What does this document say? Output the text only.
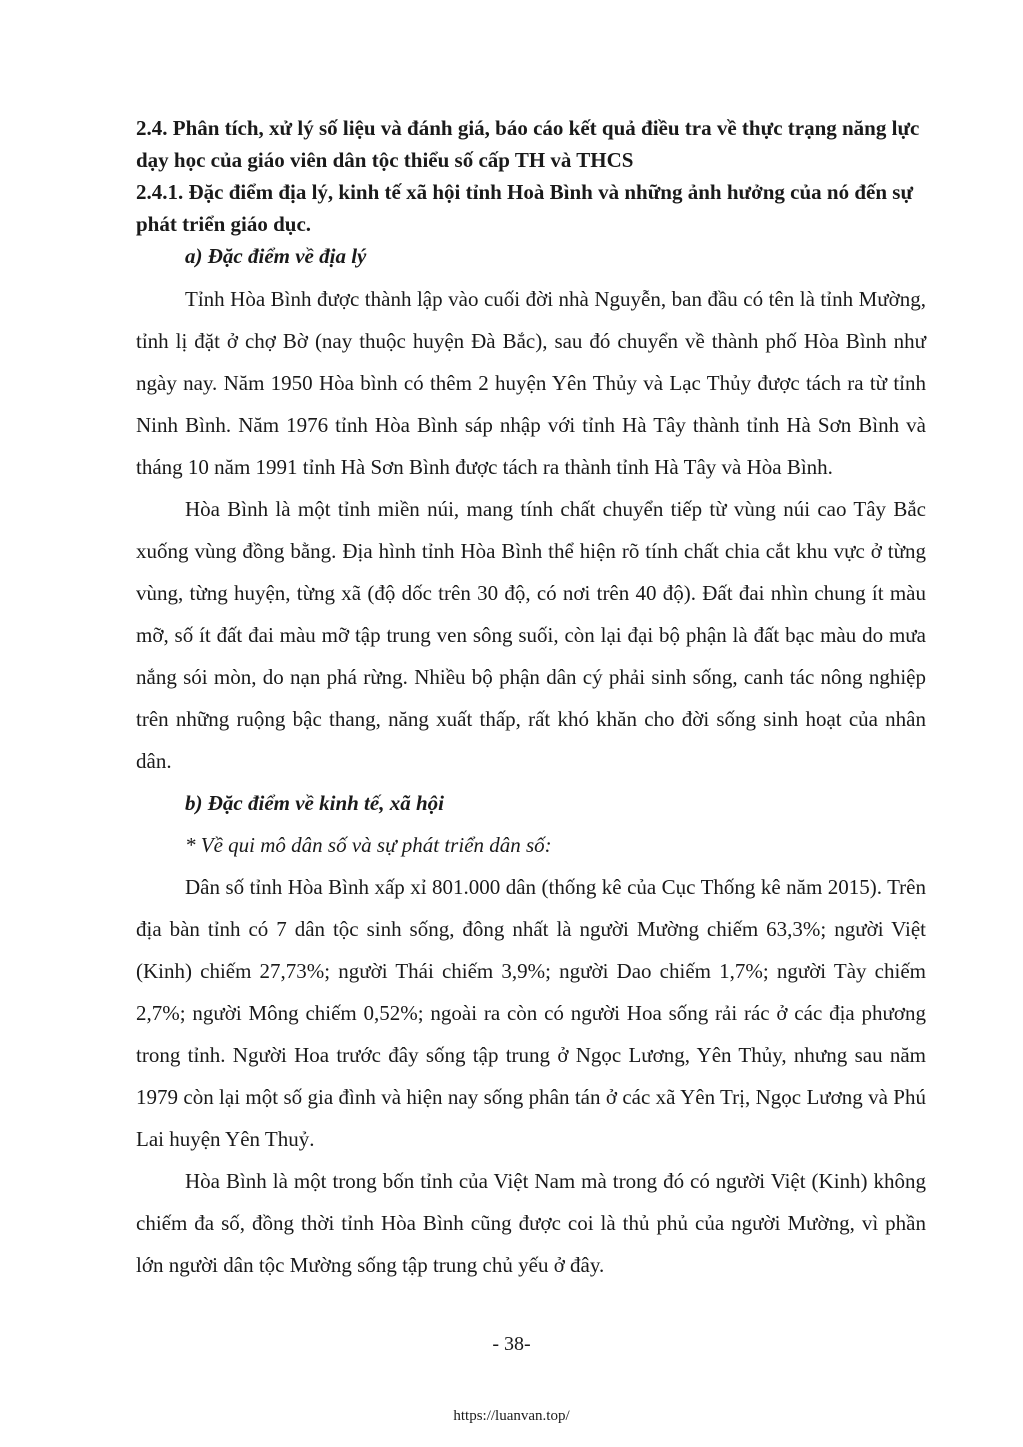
2.4. Phân tích, xử lý số liệu và đánh giá, báo cáo kết quả điều tra về thực trạng năng lực dạy học của giáo viên dân tộc thiểu số cấp TH và THCS

2.4.1. Đặc điểm địa lý, kinh tế xã hội tỉnh Hoà Bình và những ảnh hưởng của nó đến sự phát triển giáo dục.

a) Đặc điểm về địa lý

Tỉnh Hòa Bình được thành lập vào cuối đời nhà Nguyễn, ban đầu có tên là tỉnh Mường, tỉnh lị đặt ở chợ Bờ (nay thuộc huyện Đà Bắc), sau đó chuyển về thành phố Hòa Bình như ngày nay. Năm 1950 Hòa bình có thêm 2 huyện Yên Thủy và Lạc Thủy được tách ra từ tỉnh Ninh Bình. Năm 1976 tỉnh Hòa Bình sáp nhập với tỉnh Hà Tây thành tỉnh Hà Sơn Bình và tháng 10 năm 1991 tỉnh Hà Sơn Bình được tách ra thành tỉnh Hà Tây và Hòa Bình.

Hòa Bình là một tỉnh miền núi, mang tính chất chuyển tiếp từ vùng núi cao Tây Bắc xuống vùng đồng bằng. Địa hình tỉnh Hòa Bình thể hiện rõ tính chất chia cắt khu vực ở từng vùng, từng huyện, từng xã (độ dốc trên 30 độ, có nơi trên 40 độ). Đất đai nhìn chung ít màu mỡ, số ít đất đai màu mỡ tập trung ven sông suối, còn lại đại bộ phận là đất bạc màu do mưa nắng sói mòn, do nạn phá rừng. Nhiều bộ phận dân cý phải sinh sống, canh tác nông nghiệp trên những ruộng bậc thang, năng xuất thấp, rất khó khăn cho đời sống sinh hoạt của nhân dân.

b) Đặc điểm về kinh tế, xã hội

* Về qui mô dân số và sự phát triển dân số:

Dân số tỉnh Hòa Bình xấp xỉ 801.000 dân (thống kê của Cục Thống kê năm 2015). Trên địa bàn tỉnh có 7 dân tộc sinh sống, đông nhất là người Mường chiếm 63,3%; người Việt (Kinh) chiếm 27,73%; người Thái chiếm 3,9%; người Dao chiếm 1,7%; người Tày chiếm 2,7%; người Mông chiếm 0,52%; ngoài ra còn có người Hoa sống rải rác ở các địa phương trong tỉnh. Người Hoa trước đây sống tập trung ở Ngọc Lương, Yên Thủy, nhưng sau năm 1979 còn lại một số gia đình và hiện nay sống phân tán ở các xã Yên Trị, Ngọc Lương và Phú Lai huyện Yên Thuỷ.

Hòa Bình là một trong bốn tỉnh của Việt Nam mà trong đó có người Việt (Kinh) không chiếm đa số, đồng thời tỉnh Hòa Bình cũng được coi là thủ phủ của người Mường, vì phần lớn người dân tộc Mường sống tập trung chủ yếu ở đây.

- 38-
https://luanvan.top/
